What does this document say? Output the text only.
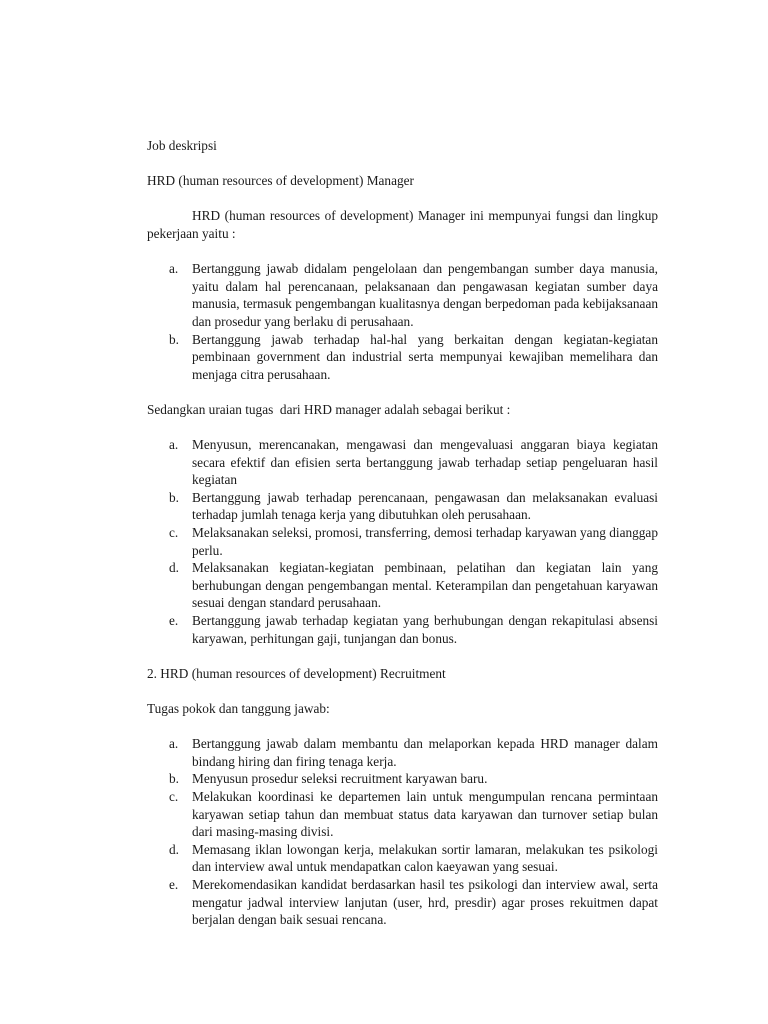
Job deskripsi

HRD (human resources of development) Manager

HRD (human resources of development) Manager ini mempunyai fungsi dan lingkup pekerjaan yaitu :

a. Bertanggung jawab didalam pengelolaan dan pengembangan sumber daya manusia, yaitu dalam hal perencanaan, pelaksanaan dan pengawasan kegiatan sumber daya manusia, termasuk pengembangan kualitasnya dengan berpedoman pada kebijaksanaan dan prosedur yang berlaku di perusahaan.
b. Bertanggung jawab terhadap hal-hal yang berkaitan dengan kegiatan-kegiatan pembinaan government dan industrial serta mempunyai kewajiban memelihara dan menjaga citra perusahaan.

Sedangkan uraian tugas  dari HRD manager adalah sebagai berikut :

a. Menyusun, merencanakan, mengawasi dan mengevaluasi anggaran biaya kegiatan secara efektif dan efisien serta bertanggung jawab terhadap setiap pengeluaran hasil kegiatan
b. Bertanggung jawab terhadap perencanaan, pengawasan dan melaksanakan evaluasi terhadap jumlah tenaga kerja yang dibutuhkan oleh perusahaan.
c. Melaksanakan seleksi, promosi, transferring, demosi terhadap karyawan yang dianggap perlu.
d. Melaksanakan kegiatan-kegiatan pembinaan, pelatihan dan kegiatan lain yang berhubungan dengan pengembangan mental. Keterampilan dan pengetahuan karyawan sesuai dengan standard perusahaan.
e. Bertanggung jawab terhadap kegiatan yang berhubungan dengan rekapitulasi absensi karyawan, perhitungan gaji, tunjangan dan bonus.

2. HRD (human resources of development) Recruitment

Tugas pokok dan tanggung jawab:

a. Bertanggung jawab dalam membantu dan melaporkan kepada HRD manager dalam bindang hiring dan firing tenaga kerja.
b. Menyusun prosedur seleksi recruitment karyawan baru.
c. Melakukan koordinasi ke departemen lain untuk mengumpulan rencana permintaan karyawan setiap tahun dan membuat status data karyawan dan turnover setiap bulan dari masing-masing divisi.
d. Memasang iklan lowongan kerja, melakukan sortir lamaran, melakukan tes psikologi dan interview awal untuk mendapatkan calon kaeyawan yang sesuai.
e. Merekomendasikan kandidat berdasarkan hasil tes psikologi dan interview awal, serta mengatur jadwal interview lanjutan (user, hrd, presdir) agar proses rekuitmen dapat berjalan dengan baik sesuai rencana.
